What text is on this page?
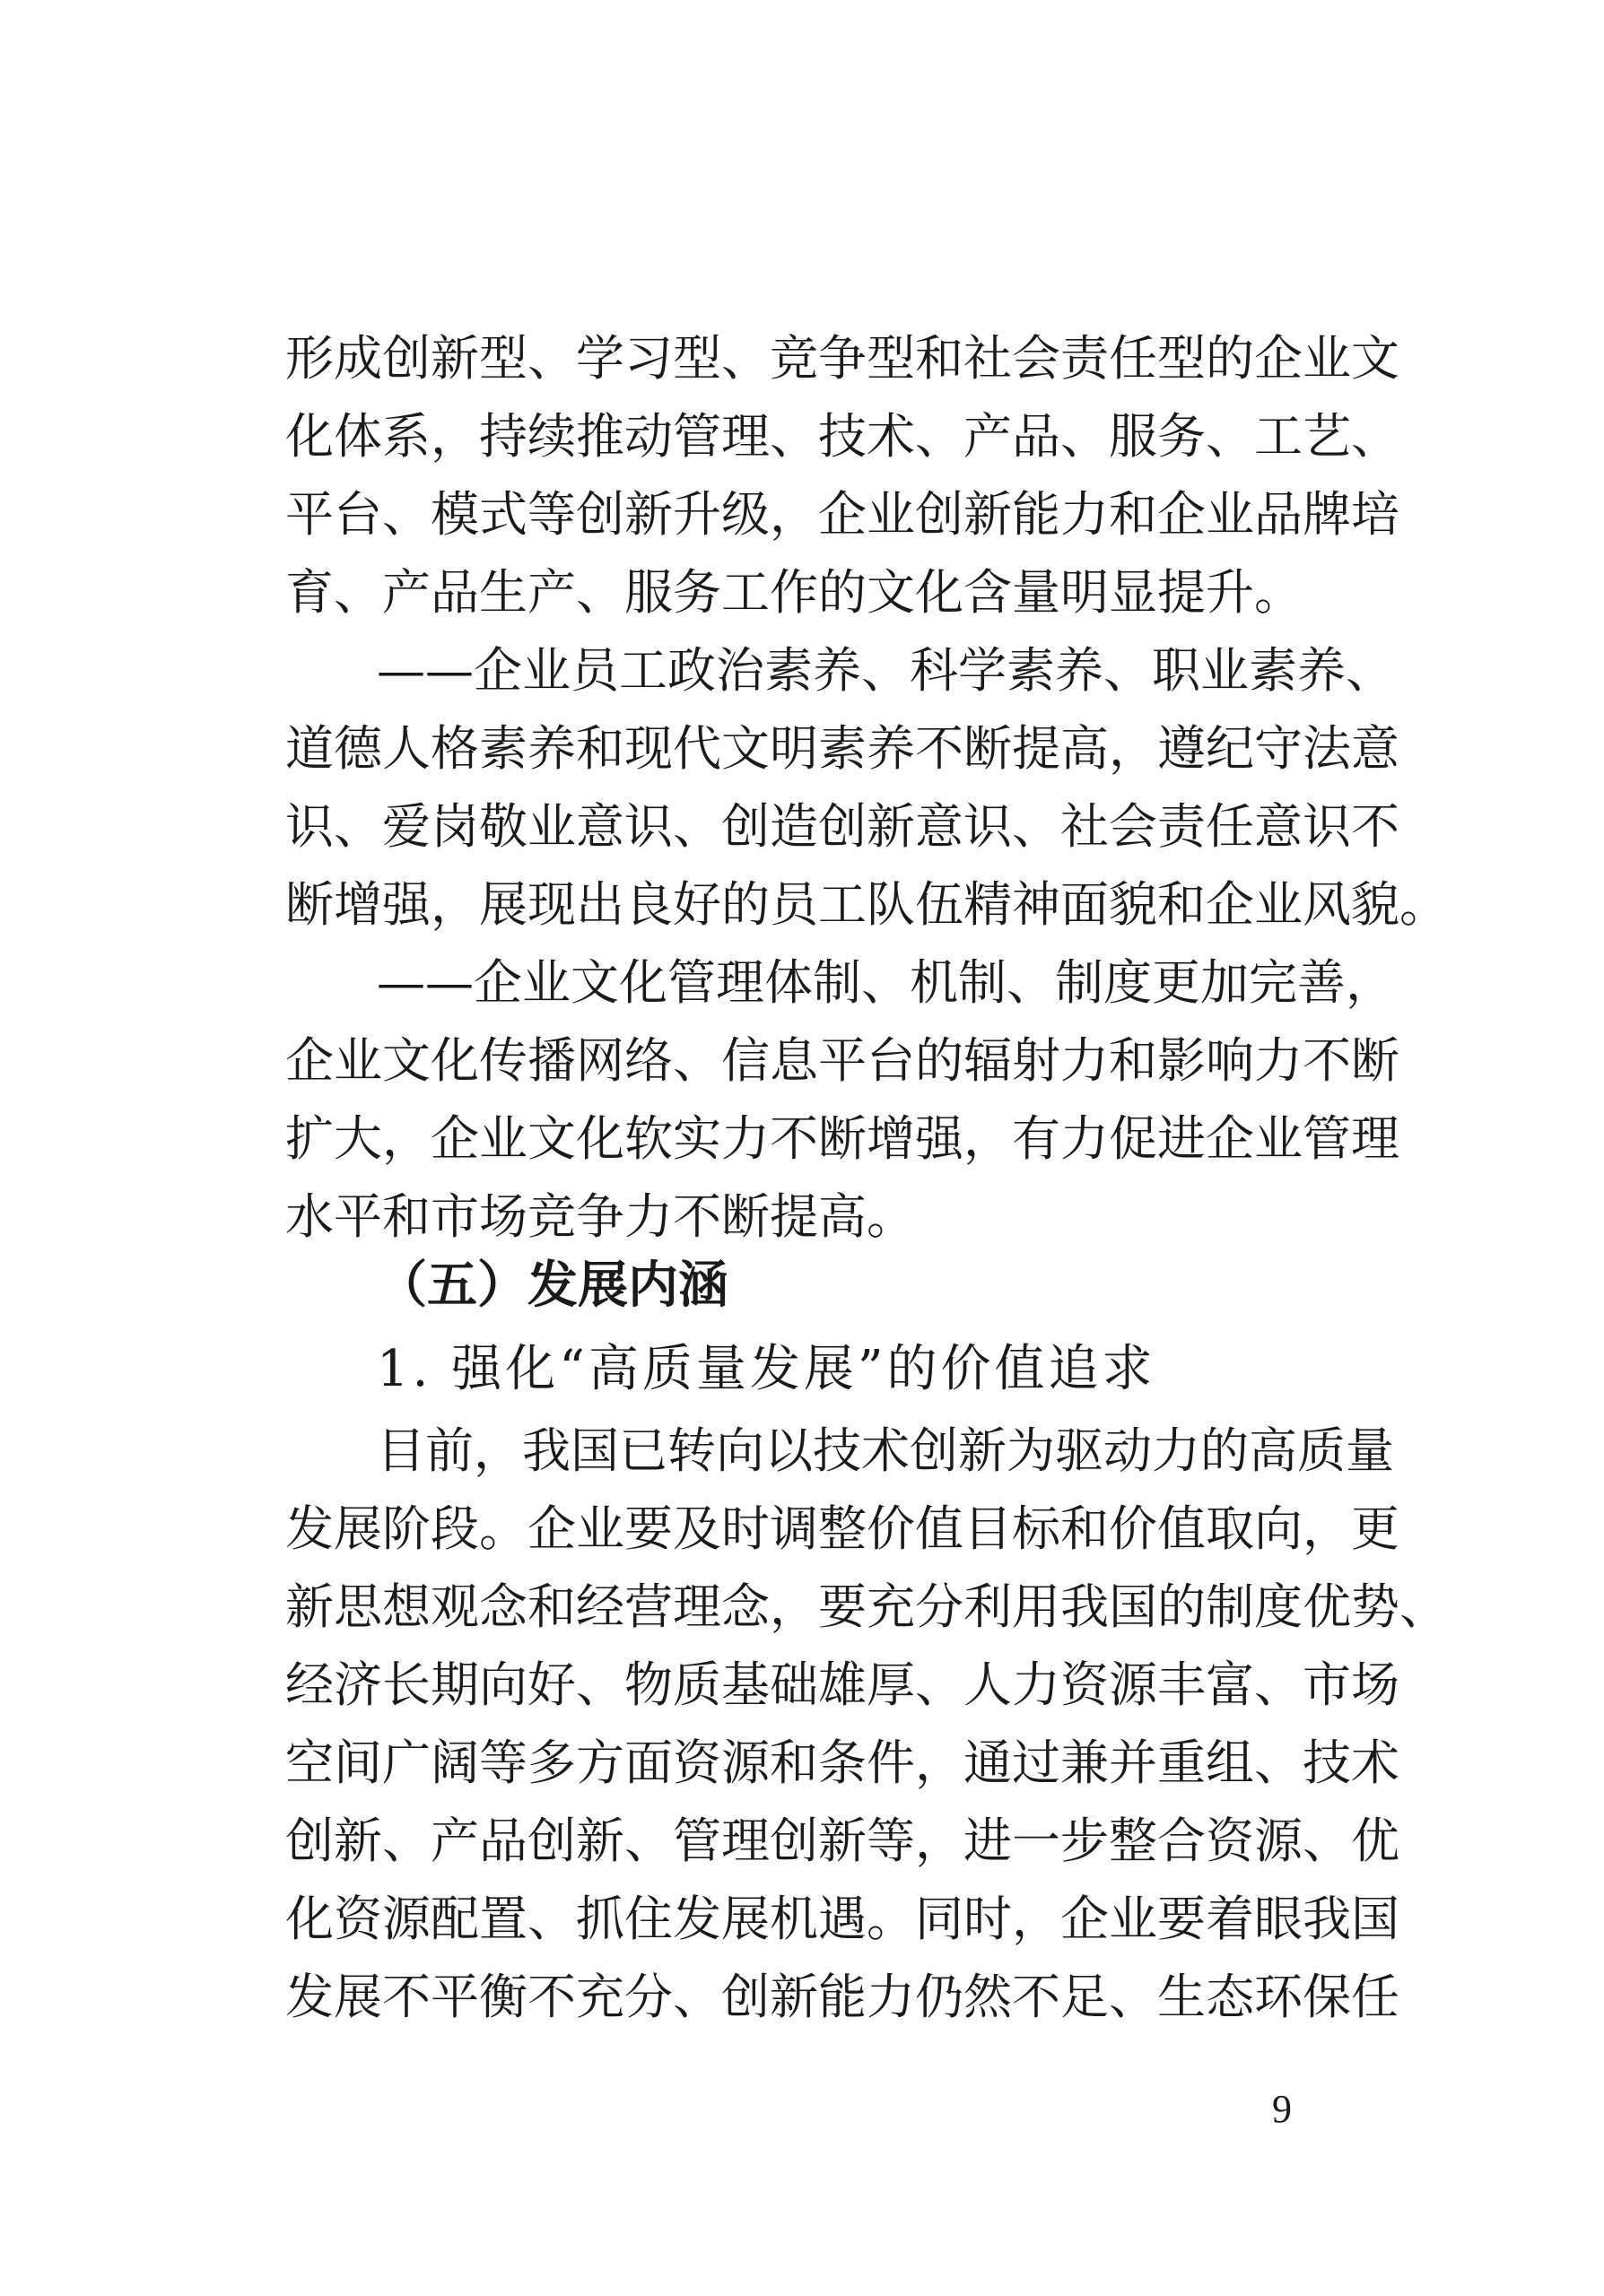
形成创新型、学习型、竞争型和社会责任型的企业文
化体系，持续推动管理、技术、产品、服务、工艺、
平台、模式等创新升级，企业创新能力和企业品牌培
育、产品生产、服务工作的文化含量明显提升。
——企业员工政治素养、科学素养、职业素养、
道德人格素养和现代文明素养不断提高，遵纪守法意
识、爱岗敬业意识、创造创新意识、社会责任意识不
断增强，展现出良好的员工队伍精神面貌和企业风貌。
——企业文化管理体制、机制、制度更加完善，
企业文化传播网络、信息平台的辐射力和影响力不断
扩大，企业文化软实力不断增强，有力促进企业管理
水平和市场竞争力不断提高。
（五）发展内涵
1. 强化“高质量发展”的价值追求
目前，我国已转向以技术创新为驱动力的高质量
发展阶段。企业要及时调整价值目标和价值取向，更
新思想观念和经营理念，要充分利用我国的制度优势、
经济长期向好、物质基础雄厚、人力资源丰富、市场
空间广阔等多方面资源和条件，通过兼并重组、技术
创新、产品创新、管理创新等，进一步整合资源、优
化资源配置、抓住发展机遇。同时，企业要着眼我国
发展不平衡不充分、创新能力仍然不足、生态环保任
9
